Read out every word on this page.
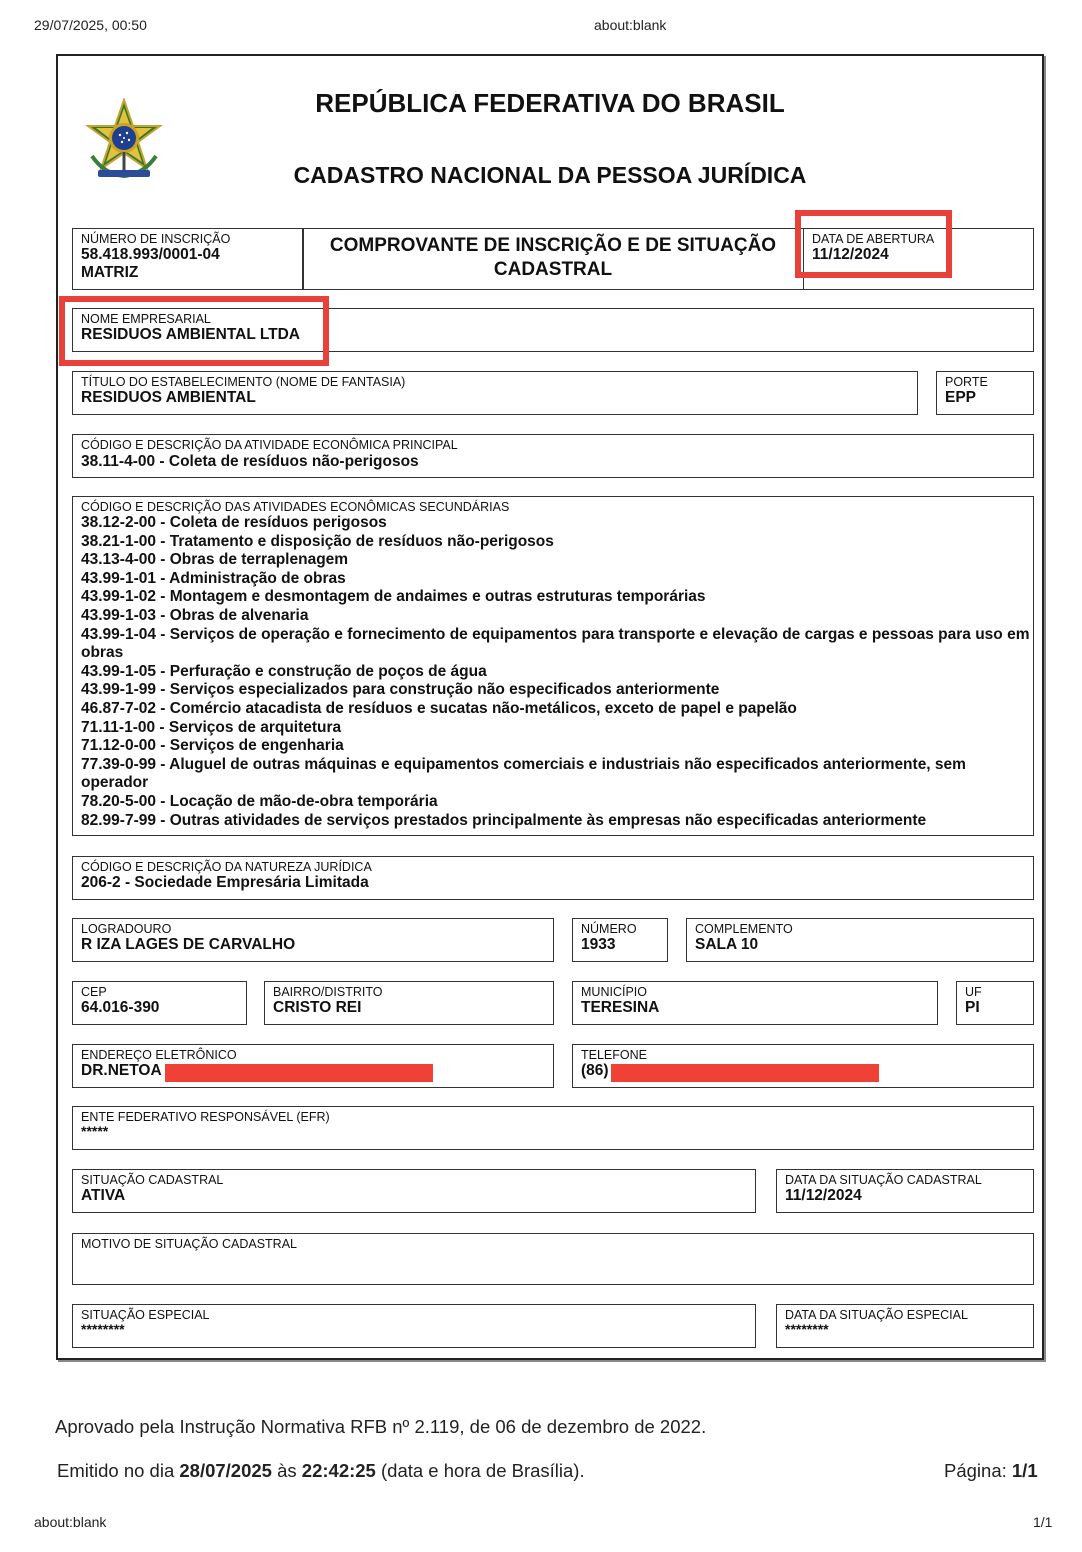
29/07/2025, 00:50	about:blank
REPÚBLICA FEDERATIVA DO BRASIL
CADASTRO NACIONAL DA PESSOA JURÍDICA
NÚMERO DE INSCRIÇÃO
58.418.993/0001-04
MATRIZ
COMPROVANTE DE INSCRIÇÃO E DE SITUAÇÃO
CADASTRAL
DATA DE ABERTURA
11/12/2024
NOME EMPRESARIAL
RESIDUOS AMBIENTAL LTDA
TÍTULO DO ESTABELECIMENTO (NOME DE FANTASIA)
RESIDUOS AMBIENTAL
PORTE
EPP
CÓDIGO E DESCRIÇÃO DA ATIVIDADE ECONÔMICA PRINCIPAL
38.11-4-00 - Coleta de resíduos não-perigosos
CÓDIGO E DESCRIÇÃO DAS ATIVIDADES ECONÔMICAS SECUNDÁRIAS
38.12-2-00 - Coleta de resíduos perigosos
38.21-1-00 - Tratamento e disposição de resíduos não-perigosos
43.13-4-00 - Obras de terraplenagem
43.99-1-01 - Administração de obras
43.99-1-02 - Montagem e desmontagem de andaimes e outras estruturas temporárias
43.99-1-03 - Obras de alvenaria
43.99-1-04 - Serviços de operação e fornecimento de equipamentos para transporte e elevação de cargas e pessoas para uso em obras
43.99-1-05 - Perfuração e construção de poços de água
43.99-1-99 - Serviços especializados para construção não especificados anteriormente
46.87-7-02 - Comércio atacadista de resíduos e sucatas não-metálicos, exceto de papel e papelão
71.11-1-00 - Serviços de arquitetura
71.12-0-00 - Serviços de engenharia
77.39-0-99 - Aluguel de outras máquinas e equipamentos comerciais e industriais não especificados anteriormente, sem operador
78.20-5-00 - Locação de mão-de-obra temporária
82.99-7-99 - Outras atividades de serviços prestados principalmente às empresas não especificadas anteriormente
CÓDIGO E DESCRIÇÃO DA NATUREZA JURÍDICA
206-2 - Sociedade Empresária Limitada
LOGRADOURO
R IZA LAGES DE CARVALHO
NÚMERO
1933
COMPLEMENTO
SALA 10
CEP
64.016-390
BAIRRO/DISTRITO
CRISTO REI
MUNICÍPIO
TERESINA
UF
PI
ENDEREÇO ELETRÔNICO
DR.NETOA
TELEFONE
(86)
ENTE FEDERATIVO RESPONSÁVEL (EFR)
*****
SITUAÇÃO CADASTRAL
ATIVA
DATA DA SITUAÇÃO CADASTRAL
11/12/2024
MOTIVO DE SITUAÇÃO CADASTRAL
SITUAÇÃO ESPECIAL
********
DATA DA SITUAÇÃO ESPECIAL
********
Aprovado pela Instrução Normativa RFB nº 2.119, de 06 de dezembro de 2022.
Emitido no dia 28/07/2025 às 22:42:25 (data e hora de Brasília).	Página: 1/1
about:blank	1/1
